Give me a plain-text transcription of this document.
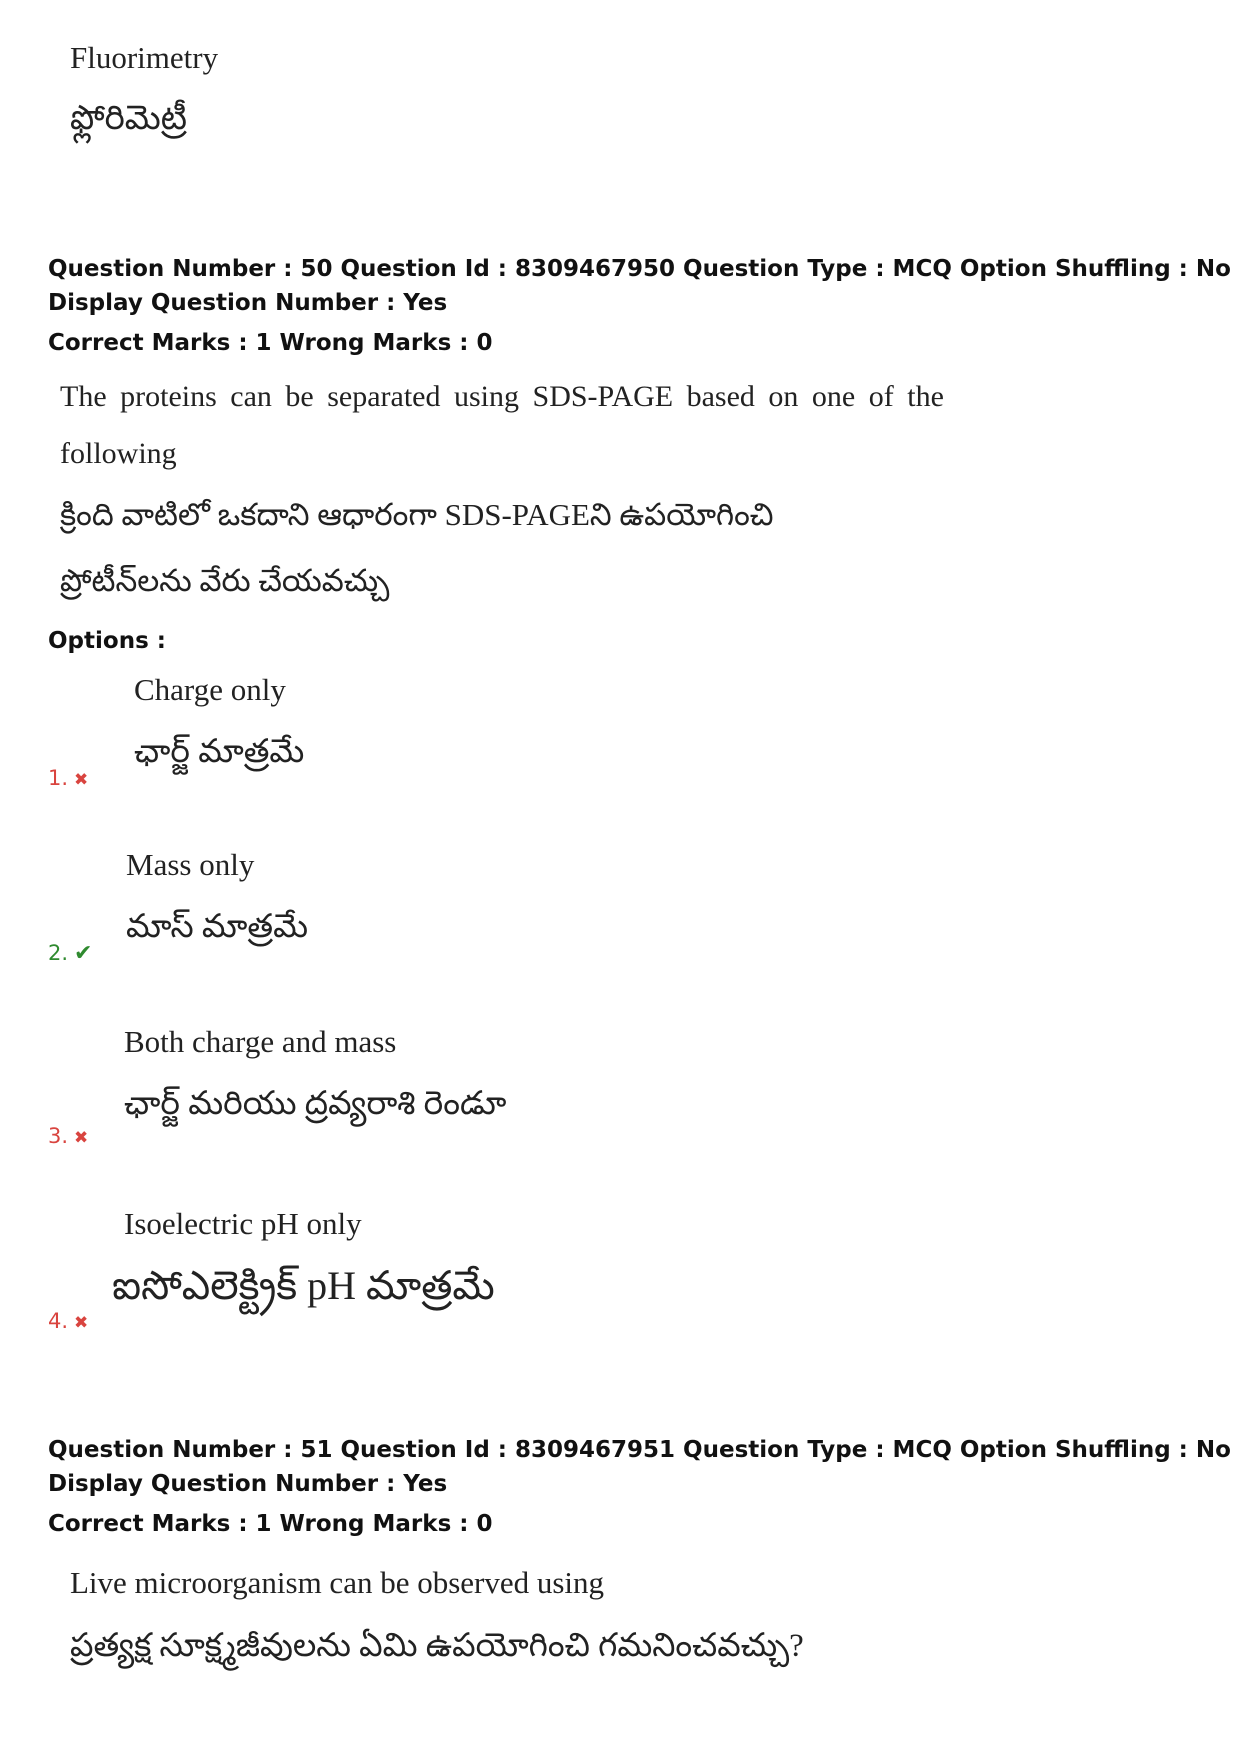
Fluorimetry
ఫ్లోరిమెట్రీ
Question Number : 50 Question Id : 8309467950 Question Type : MCQ Option Shuffling : No
Display Question Number : Yes
Correct Marks : 1 Wrong Marks : 0
The proteins can be separated using SDS-PAGE based on one of the
following
క్రింది వాటిలో ఒకదాని ఆధారంగా SDS-PAGEని ఉపయోగించి
ప్రోటీన్‌లను వేరు చేయవచ్చు
Options :
Charge only
ఛార్జ్ మాత్రమే
1. ✖
Mass only
మాస్ మాత్రమే
2. ✔
Both charge and mass
ఛార్జ్ మరియు ద్రవ్యరాశి రెండూ
3. ✖
Isoelectric pH only
ఐసోఎలెక్ట్రిక్ pH మాత్రమే
4. ✖
Question Number : 51 Question Id : 8309467951 Question Type : MCQ Option Shuffling : No
Display Question Number : Yes
Correct Marks : 1 Wrong Marks : 0
Live microorganism can be observed using
ప్రత్యక్ష సూక్ష్మజీవులను ఏమి ఉపయోగించి గమనించవచ్చు?
